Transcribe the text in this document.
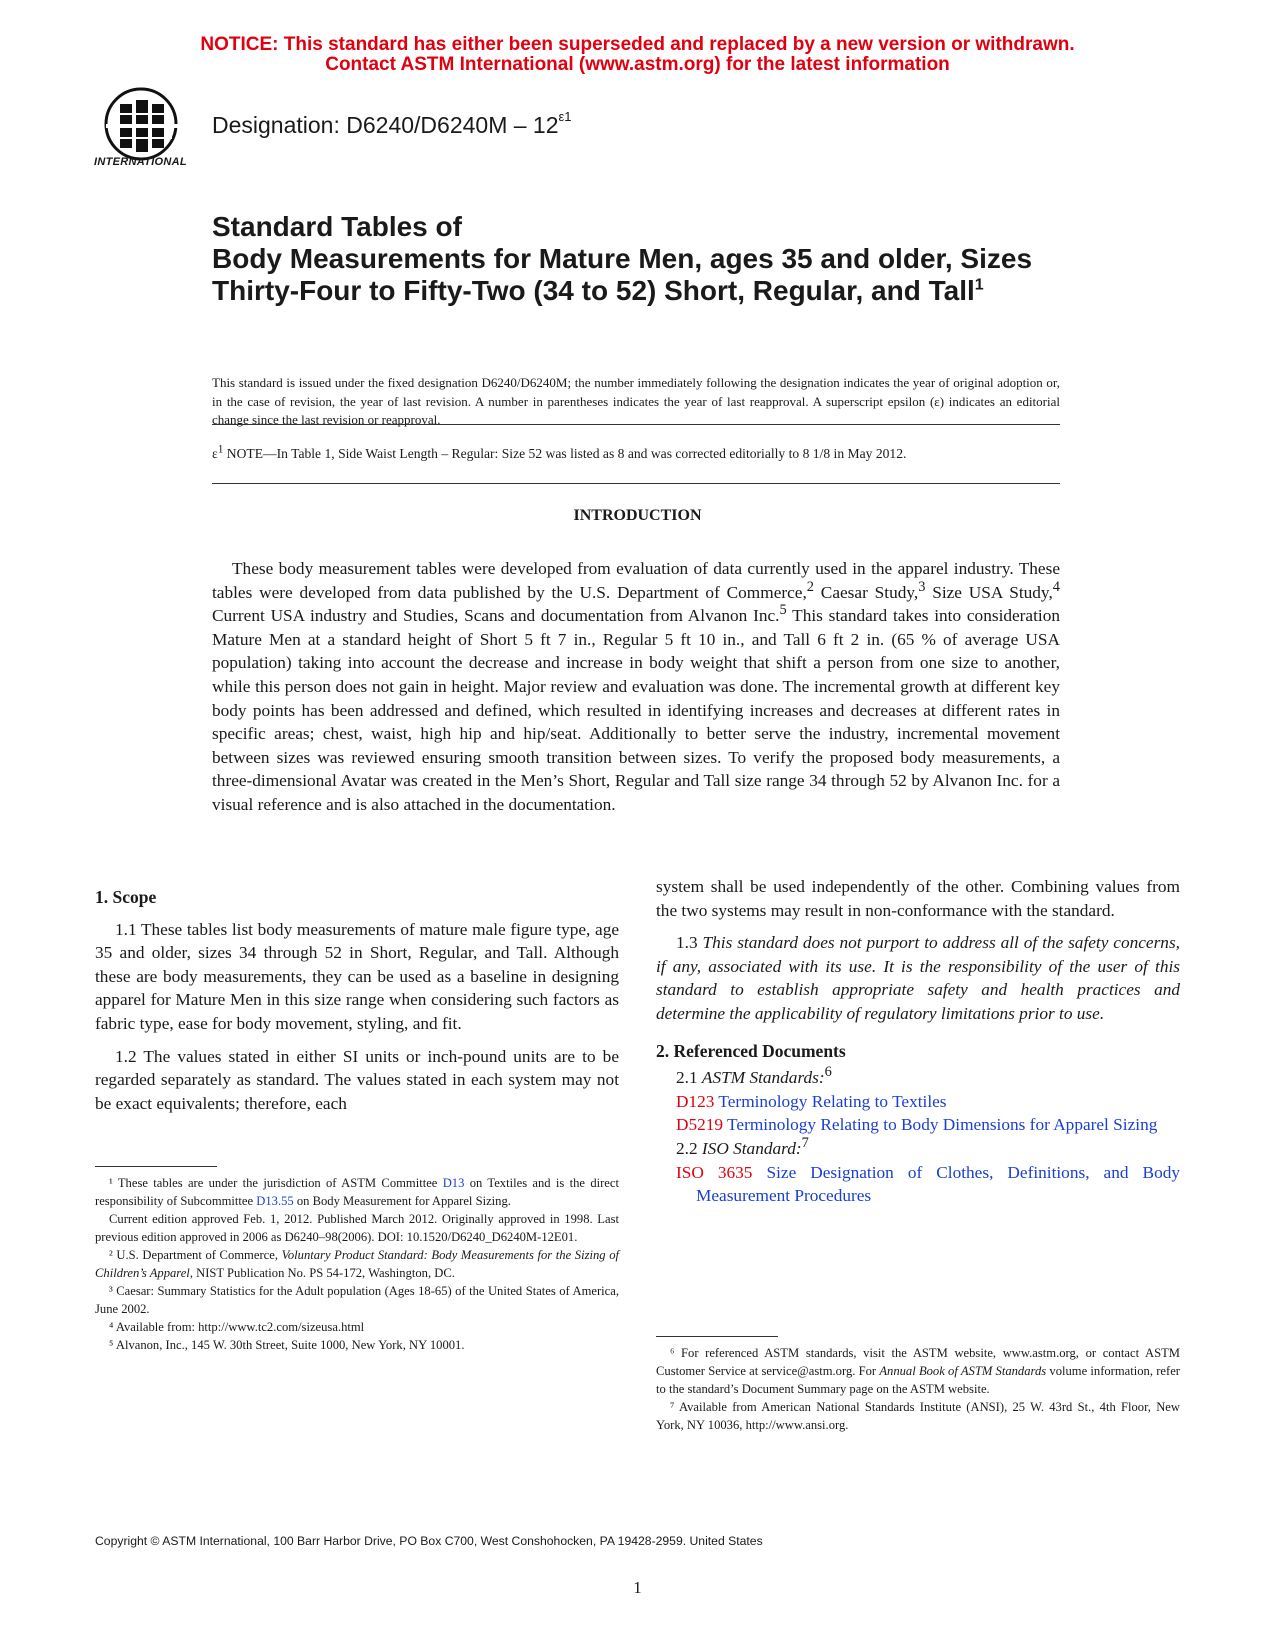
NOTICE: This standard has either been superseded and replaced by a new version or withdrawn.
Contact ASTM International (www.astm.org) for the latest information
INTERNATIONAL
Designation: $D6240/D6240M - 12^{\varepsilon 1}$
Standard Tables of
Body Measurements for Mature Men, ages 35 and older, Sizes Thirty-Four to Fifty-Two (34 to 52) Short, Regular, and Tall$^1$
This standard is issued under the fixed designation D6240/D6240M; the number immediately following the designation indicates the year of original adoption or, in the case of revision, the year of last revision. A number in parentheses indicates the year of last reapproval. A superscript epsilon (ε) indicates an editorial change since the last revision or reapproval.
$\varepsilon^1$ NOTE—In Table 1, Side Waist Length – Regular: Size 52 was listed as 8 and was corrected editorially to 8 1/8 in May 2012.
INTRODUCTION
These body measurement tables were developed from evaluation of data currently used in the apparel industry. These tables were developed from data published by the U.S. Department of Commerce,$^2$ Caesar Study,$^3$ Size USA Study,$^4$ Current USA industry and Studies, Scans and documentation from Alvanon Inc.$^5$ This standard takes into consideration Mature Men at a standard height of Short 5 ft 7 in., Regular 5 ft 10 in., and Tall 6 ft 2 in. (65 % of average USA population) taking into account the decrease and increase in body weight that shift a person from one size to another, while this person does not gain in height. Major review and evaluation was done. The incremental growth at different key body points has been addressed and defined, which resulted in identifying increases and decreases at different rates in specific areas; chest, waist, high hip and hip/seat. Additionally to better serve the industry, incremental movement between sizes was reviewed ensuring smooth transition between sizes. To verify the proposed body measurements, a three-dimensional Avatar was created in the Men’s Short, Regular and Tall size range 34 through 52 by Alvanon Inc. for a visual reference and is also attached in the documentation.
1. Scope

1.1 These tables list body measurements of mature male figure type, age 35 and older, sizes 34 through 52 in Short, Regular, and Tall. Although these are body measurements, they can be used as a baseline in designing apparel for Mature Men in this size range when considering such factors as fabric type, ease for body movement, styling, and fit.

1.2 The values stated in either SI units or inch-pound units are to be regarded separately as standard. The values stated in each system may not be exact equivalents; therefore, each

¹ These tables are under the jurisdiction of ASTM Committee D13 on Textiles and is the direct responsibility of Subcommittee D13.55 on Body Measurement for Apparel Sizing.

Current edition approved Feb. 1, 2012. Published March 2012. Originally approved in 1998. Last previous edition approved in 2006 as D6240–98(2006). DOI: 10.1520/D6240_D6240M-12E01.

² U.S. Department of Commerce, Voluntary Product Standard: Body Measurements for the Sizing of Children’s Apparel, NIST Publication No. PS 54-172, Washington, DC.

³ Caesar: Summary Statistics for the Adult population (Ages 18-65) of the United States of America, June 2002.

⁴ Available from: http://www.tc2.com/sizeusa.html

⁵ Alvanon, Inc., 145 W. 30th Street, Suite 1000, New York, NY 10001.

system shall be used independently of the other. Combining values from the two systems may result in non-conformance with the standard.

1.3 This standard does not purport to address all of the safety concerns, if any, associated with its use. It is the responsibility of the user of this standard to establish appropriate safety and health practices and determine the applicability of regulatory limitations prior to use.

2. Referenced Documents

2.1 ASTM Standards:$^6$

D123 Terminology Relating to Textiles

D5219 Terminology Relating to Body Dimensions for Apparel Sizing

2.2 ISO Standard:$^7$

ISO 3635 Size Designation of Clothes, Definitions, and Body Measurement Procedures

⁶ For referenced ASTM standards, visit the ASTM website, www.astm.org, or contact ASTM Customer Service at service@astm.org. For Annual Book of ASTM Standards volume information, refer to the standard’s Document Summary page on the ASTM website.

⁷ Available from American National Standards Institute (ANSI), 25 W. 43rd St., 4th Floor, New York, NY 10036, http://www.ansi.org.

Copyright © ASTM International, 100 Barr Harbor Drive, PO Box C700, West Conshohocken, PA 19428-2959. United States
1
